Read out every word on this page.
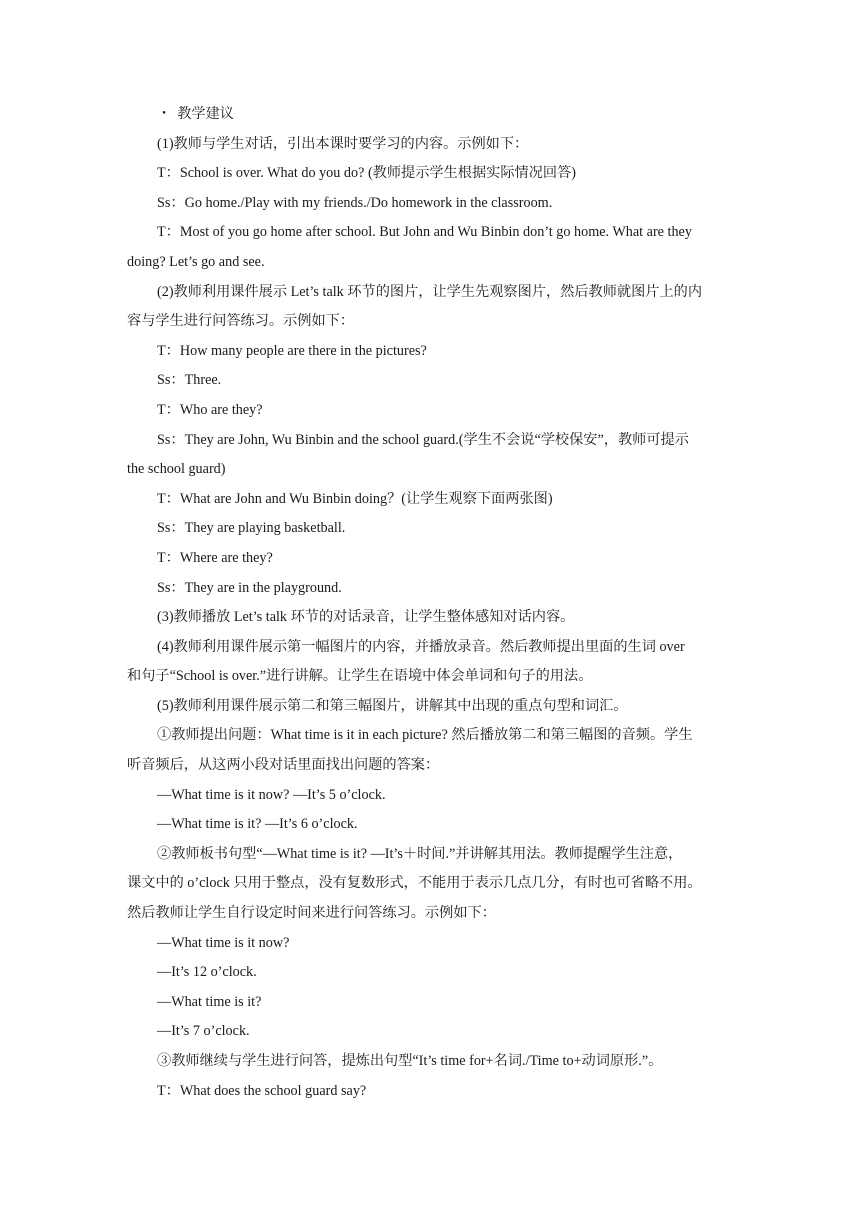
・ 教学建议
(1)教师与学生对话，引出本课时要学习的内容。示例如下：
T：School is over. What do you do? (教师提示学生根据实际情况回答)
Ss：Go home./Play with my friends./Do homework in the classroom.
T：Most of you go home after school. But John and Wu Binbin don’t go home. What are they
doing? Let’s go and see.
(2)教师利用课件展示 Let’s talk 环节的图片，让学生先观察图片，然后教师就图片上的内
容与学生进行问答练习。示例如下：
T：How many people are there in the pictures?
Ss：Three.
T：Who are they?
Ss：They are John, Wu Binbin and the school guard.(学生不会说“学校保安”，教师可提示
the school guard)
T：What are John and Wu Binbin doing？(让学生观察下面两张图)
Ss：They are playing basketball.
T：Where are they?
Ss：They are in the playground.
(3)教师播放 Let’s talk 环节的对话录音，让学生整体感知对话内容。
(4)教师利用课件展示第一幅图片的内容，并播放录音。然后教师提出里面的生词 over
和句子“School is over.”进行讲解。让学生在语境中体会单词和句子的用法。
(5)教师利用课件展示第二和第三幅图片，讲解其中出现的重点句型和词汇。
①教师提出问题：What time is it in each picture? 然后播放第二和第三幅图的音频。学生
听音频后，从这两小段对话里面找出问题的答案：
—What time is it now? —It’s 5 o’clock.
—What time is it? —It’s 6 o’clock.
②教师板书句型“—What time is it? —It’s＋时间.”并讲解其用法。教师提醒学生注意，
课文中的 o’clock 只用于整点，没有复数形式，不能用于表示几点几分，有时也可省略不用。
然后教师让学生自行设定时间来进行问答练习。示例如下：
—What time is it now?
—It’s 12 o’clock.
—What time is it?
—It’s 7 o’clock.
③教师继续与学生进行问答，提炼出句型“It’s time for+名词./Time to+动词原形.”。
T：What does the school guard say?
